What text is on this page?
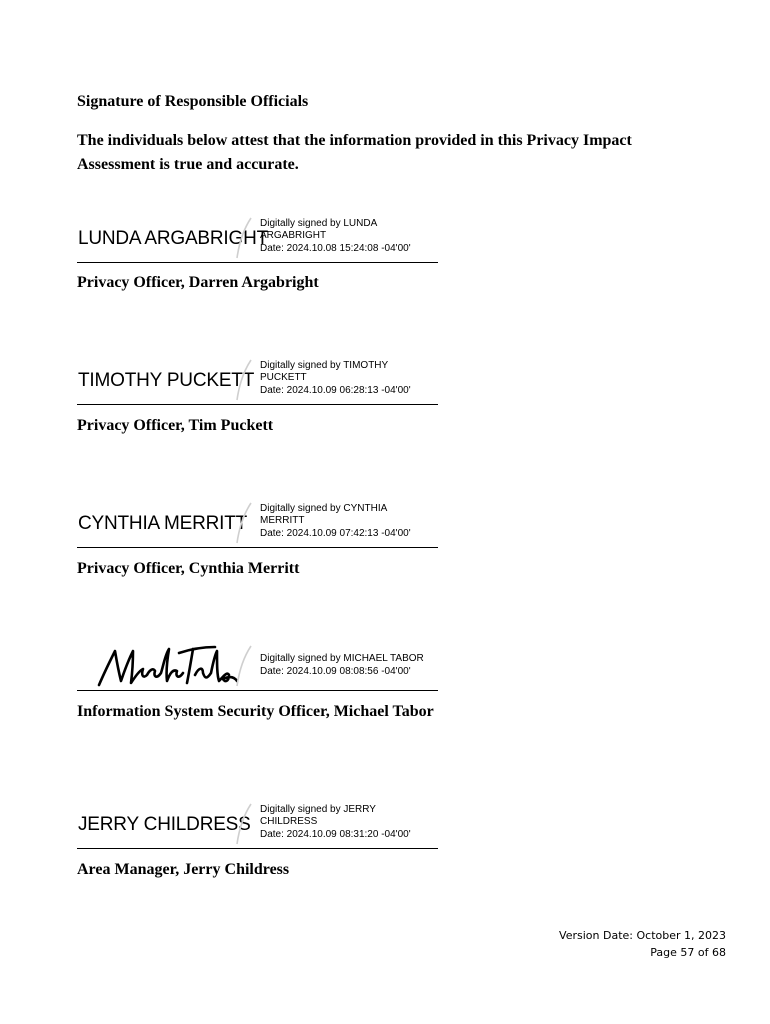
Signature of Responsible Officials
The individuals below attest that the information provided in this Privacy Impact Assessment is true and accurate.
LUNDA ARGABRIGHT
Digitally signed by LUNDA
ARGABRIGHT
Date: 2024.10.08 15:24:08 -04'00'
Privacy Officer, Darren Argabright
TIMOTHY PUCKETT
Digitally signed by TIMOTHY
PUCKETT
Date: 2024.10.09 06:28:13 -04'00'
Privacy Officer, Tim Puckett
CYNTHIA MERRITT
Digitally signed by CYNTHIA
MERRITT
Date: 2024.10.09 07:42:13 -04'00'
Privacy Officer, Cynthia Merritt
Digitally signed by MICHAEL TABOR
Date: 2024.10.09 08:08:56 -04'00'
Information System Security Officer, Michael Tabor
JERRY CHILDRESS
Digitally signed by JERRY
CHILDRESS
Date: 2024.10.09 08:31:20 -04'00'
Area Manager, Jerry Childress
Version Date: October 1, 2023
Page 57 of 68
